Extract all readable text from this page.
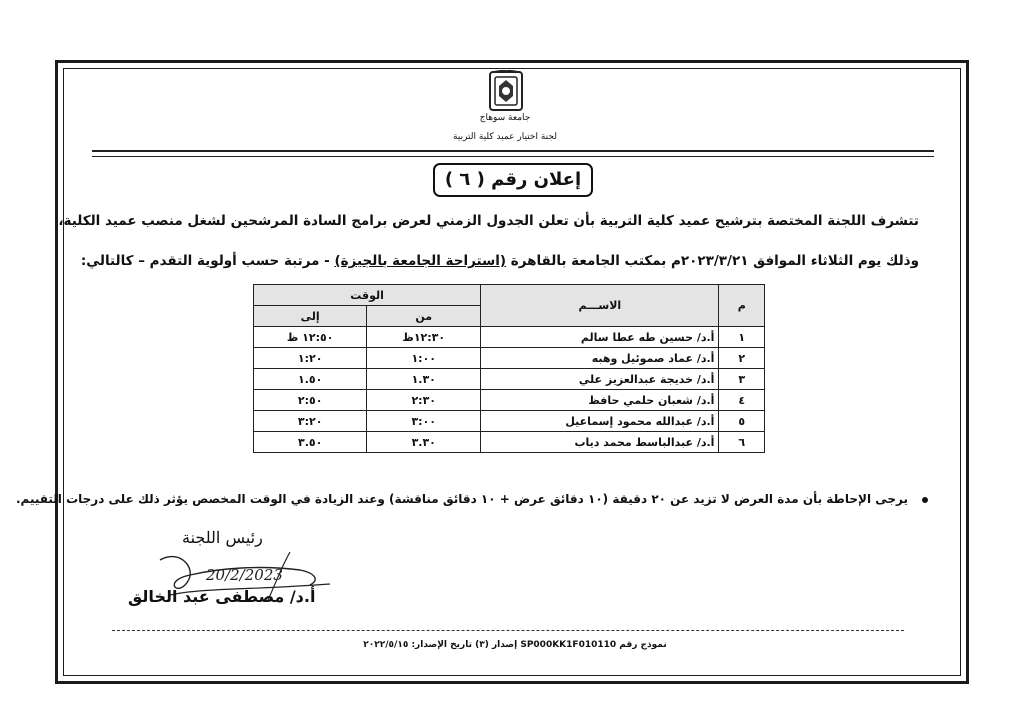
جامعة سوهاج
لجنة اختيار عميد كلية التربية
إعلان رقم ( ٦ )
تتشرف اللجنة المختصة بترشيح عميد كلية التربية بأن تعلن الجدول الزمني لعرض برامج السادة المرشحين لشغل منصب عميد الكلية،
وذلك يوم الثلاثاء الموافق ٢٠٢٣/٣/٢١م بمكتب الجامعة بالقاهرة (استراحة الجامعة بالجيزة) - مرتبة حسب أولوية التقدم – كالتالي:
م	الاســـم	الوقت	
		من	إلى
١	أ.د/ حسين طه عطا سالم	١٢:٣٠ظ	١٢:٥٠ ظ
٢	أ.د/ عماد صموئيل وهبه	١:٠٠	١:٢٠
٣	أ.د/ خديجة عبدالعزيز علي	١.٣٠	١.٥٠
٤	أ.د/ شعبان حلمي حافظ	٢:٣٠	٢:٥٠
٥	أ.د/ عبدالله محمود إسماعيل	٣:٠٠	٣:٢٠
٦	أ.د/ عبدالباسط محمد دياب	٣.٣٠	٣.٥٠
يرجى الإحاطة بأن مدة العرض لا تزيد عن ٢٠ دقيقة (١٠ دقائق عرض + ١٠ دقائق مناقشة) وعند الزيادة في الوقت المخصص يؤثر ذلك على درجات التقييم.
رئيس اللجنة
20/2/2023
أ.د/ مصطفى عبد الخالق
نموذج رقم SP000KK1F010110 إصدار (٣) تاريخ الإصدار: ٢٠٢٢/٥/١٥
